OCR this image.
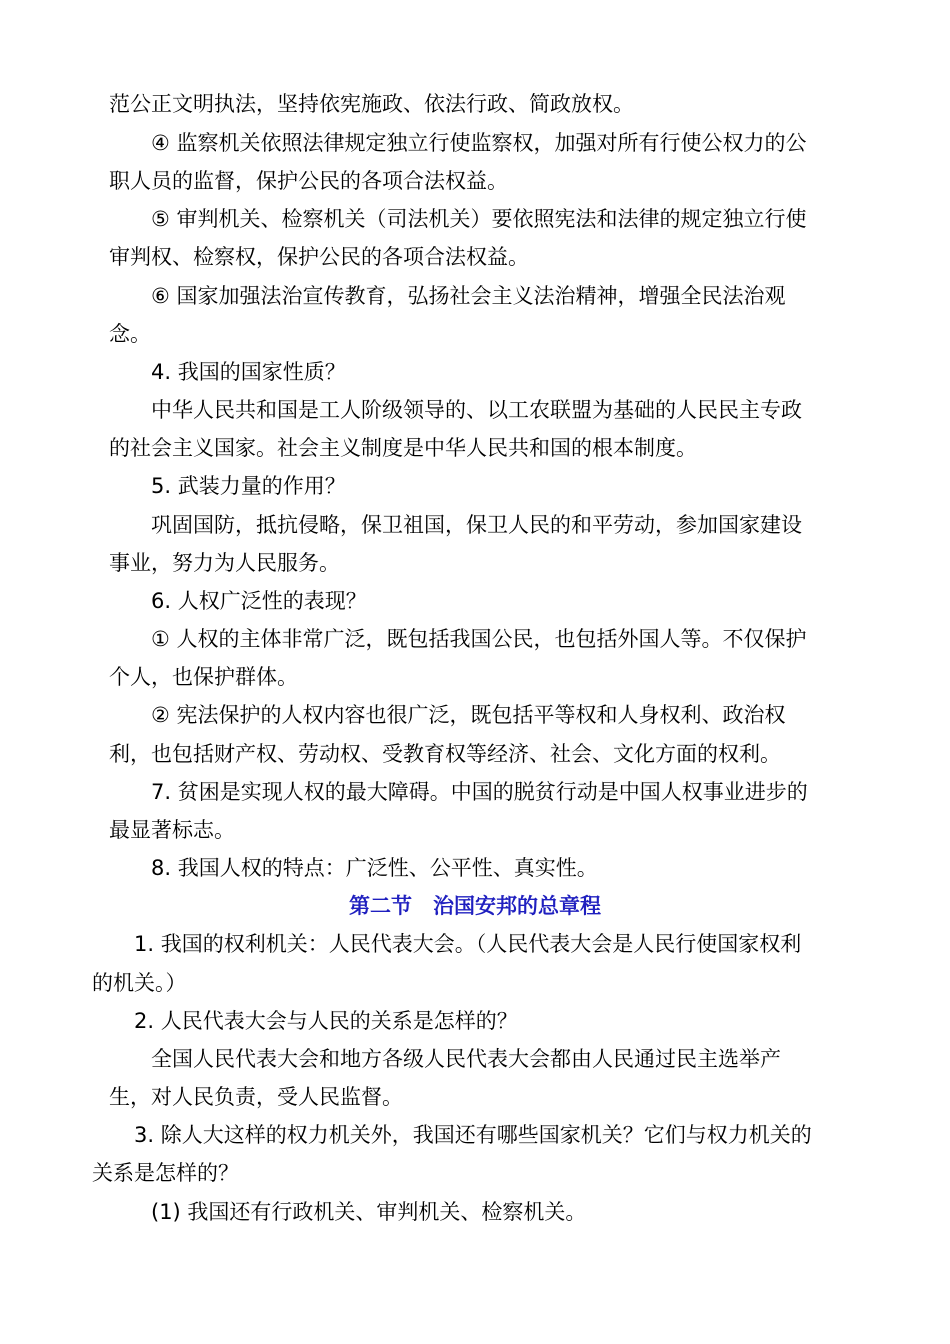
范公正文明执法，坚持依宪施政、依法行政、简政放权。
④ 监察机关依照法律规定独立行使监察权，加强对所有行使公权力的公
职人员的监督，保护公民的各项合法权益。
⑤ 审判机关、检察机关（司法机关）要依照宪法和法律的规定独立行使
审判权、检察权，保护公民的各项合法权益。
⑥ 国家加强法治宣传教育，弘扬社会主义法治精神，增强全民法治观
念。
4. 我国的国家性质？
中华人民共和国是工人阶级领导的、以工农联盟为基础的人民民主专政
的社会主义国家。社会主义制度是中华人民共和国的根本制度。
5. 武装力量的作用？
巩固国防，抵抗侵略，保卫祖国，保卫人民的和平劳动，参加国家建设
事业，努力为人民服务。
6. 人权广泛性的表现？
① 人权的主体非常广泛，既包括我国公民，也包括外国人等。不仅保护
个人，也保护群体。
② 宪法保护的人权内容也很广泛，既包括平等权和人身权利、政治权
利，也包括财产权、劳动权、受教育权等经济、社会、文化方面的权利。
7. 贫困是实现人权的最大障碍。中国的脱贫行动是中国人权事业进步的
最显著标志。
8. 我国人权的特点：广泛性、公平性、真实性。
第二节　治国安邦的总章程
1. 我国的权利机关：人民代表大会。（人民代表大会是人民行使国家权利
的机关。）
2. 人民代表大会与人民的关系是怎样的？
全国人民代表大会和地方各级人民代表大会都由人民通过民主选举产
生，对人民负责，受人民监督。
3. 除人大这样的权力机关外，我国还有哪些国家机关？它们与权力机关的
关系是怎样的？
(1) 我国还有行政机关、审判机关、检察机关。
